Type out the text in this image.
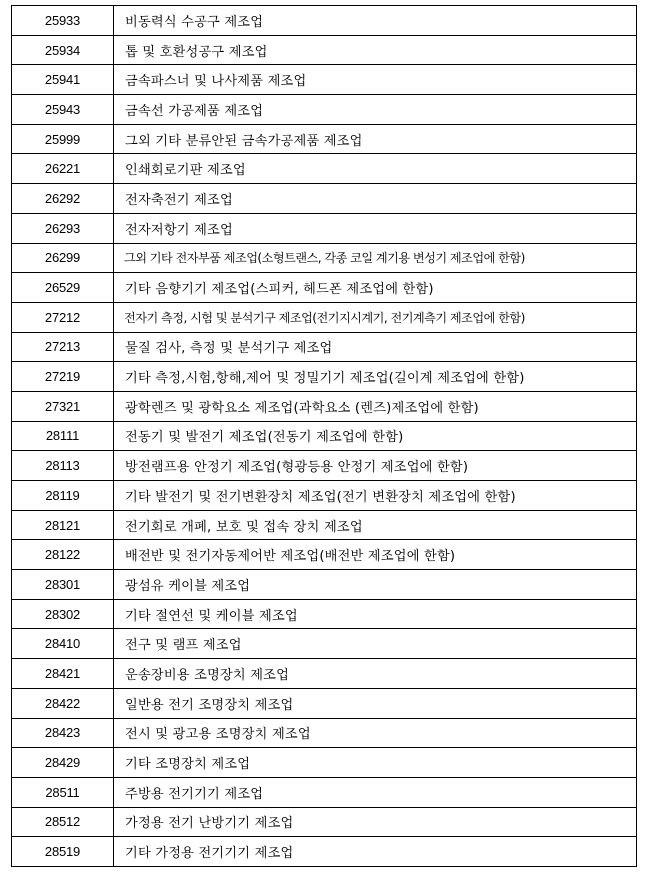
25933	비동력식 수공구 제조업
25934	톱 및 호환성공구 제조업
25941	금속파스너 및 나사제품 제조업
25943	금속선 가공제품 제조업
25999	그외 기타 분류안된 금속가공제품 제조업
26221	인쇄회로기판 제조업
26292	전자축전기 제조업
26293	전자저항기 제조업
26299	그외 기타 전자부품 제조업(소형트랜스, 각종 코일 계기용 변성기 제조업에 한함)
26529	기타 음향기기 제조업(스피커, 헤드폰 제조업에 한함)
27212	전자기 측정, 시험 및 분석기구 제조업(전기지시계기, 전기계측기 제조업에 한함)
27213	물질 검사, 측정 및 분석기구 제조업
27219	기타 측정,시험,항해,제어 및 정밀기기 제조업(길이계 제조업에 한함)
27321	광학렌즈 및 광학요소 제조업(과학요소 (렌즈)제조업에 한함)
28111	전동기 및 발전기 제조업(전동기 제조업에 한함)
28113	방전램프용 안정기 제조업(형광등용 안정기 제조업에 한함)
28119	기타 발전기 및 전기변환장치 제조업(전기 변환장치 제조업에 한함)
28121	전기회로 개폐, 보호 및 접속 장치 제조업
28122	배전반 및 전기자동제어반 제조업(배전반 제조업에 한함)
28301	광섬유 케이블 제조업
28302	기타 절연선 및 케이블 제조업
28410	전구 및 램프 제조업
28421	운송장비용 조명장치 제조업
28422	일반용 전기 조명장치 제조업
28423	전시 및 광고용 조명장치 제조업
28429	기타 조명장치 제조업
28511	주방용 전기기기 제조업
28512	가정용 전기 난방기기 제조업
28519	기타 가정용 전기기기 제조업
